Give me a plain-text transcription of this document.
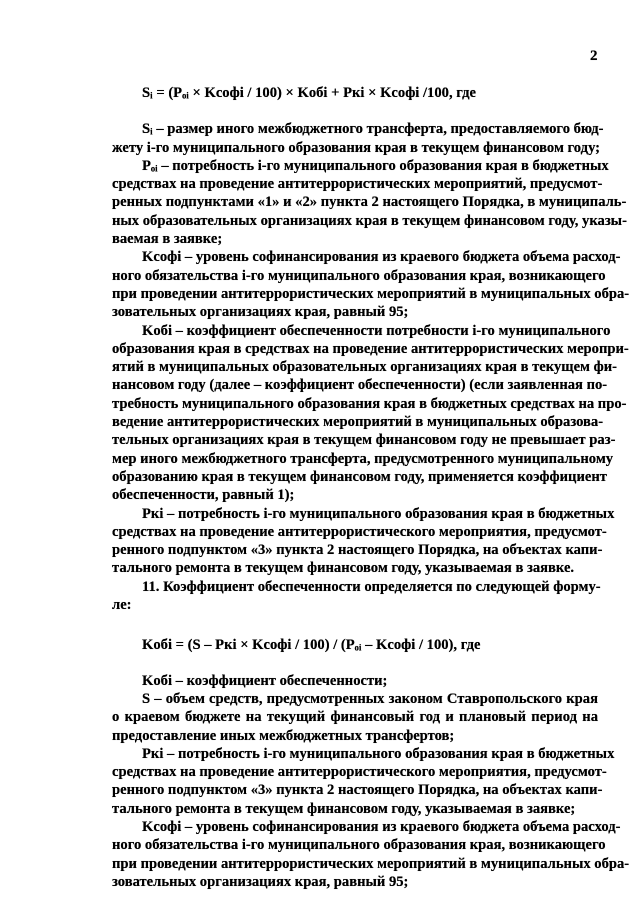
2
Sᵢ = (Pₒᵢ × Kсофі / 100) × Kобі + Pкі × Kсофі /100, где
Sᵢ – размер иного межбюджетного трансферта, предоставляемого бюд-
жету і-го муниципального образования края в текущем финансовом году;
Pₒᵢ – потребность і-го муниципального образования края в бюджетных
средствах на проведение антитеррористических мероприятий, предусмот-
ренных подпунктами «1» и «2» пункта 2 настоящего Порядка, в муниципаль-
ных образовательных организациях края в текущем финансовом году, указы-
ваемая в заявке;
Kсофі – уровень софинансирования из краевого бюджета объема расход-
ного обязательства і-го муниципального образования края, возникающего
при проведении антитеррористических мероприятий в муниципальных обра-
зовательных организациях края, равный 95;
Kобі – коэффициент обеспеченности потребности і-го муниципального
образования края в средствах на проведение антитеррористических меропри-
ятий в муниципальных образовательных организациях края в текущем фи-
нансовом году (далее – коэффициент обеспеченности) (если заявленная по-
требность муниципального образования края в бюджетных средствах на про-
ведение антитеррористических мероприятий в муниципальных образова-
тельных организациях края в текущем финансовом году не превышает раз-
мер иного межбюджетного трансферта, предусмотренного муниципальному
образованию края в текущем финансовом году, применяется коэффициент
обеспеченности, равный 1);
Pкі – потребность і-го муниципального образования края в бюджетных
средствах на проведение антитеррористического мероприятия, предусмот-
ренного подпунктом «3» пункта 2 настоящего Порядка, на объектах капи-
тального ремонта в текущем финансовом году, указываемая в заявке.
11. Коэффициент обеспеченности определяется по следующей форму-
ле:
Kобі = (S – Pкі × Kсофі / 100) / (Pₒᵢ – Kсофі / 100), где
Kобі – коэффициент обеспеченности;
S – объем средств, предусмотренных законом Ставропольского края
о краевом бюджете на текущий финансовый год и плановый период на
предоставление иных межбюджетных трансфертов;
Pкі – потребность і-го муниципального образования края в бюджетных
средствах на проведение антитеррористического мероприятия, предусмот-
ренного подпунктом «3» пункта 2 настоящего Порядка, на объектах капи-
тального ремонта в текущем финансовом году, указываемая в заявке;
Kсофі – уровень софинансирования из краевого бюджета объема расход-
ного обязательства і-го муниципального образования края, возникающего
при проведении антитеррористических мероприятий в муниципальных обра-
зовательных организациях края, равный 95;
